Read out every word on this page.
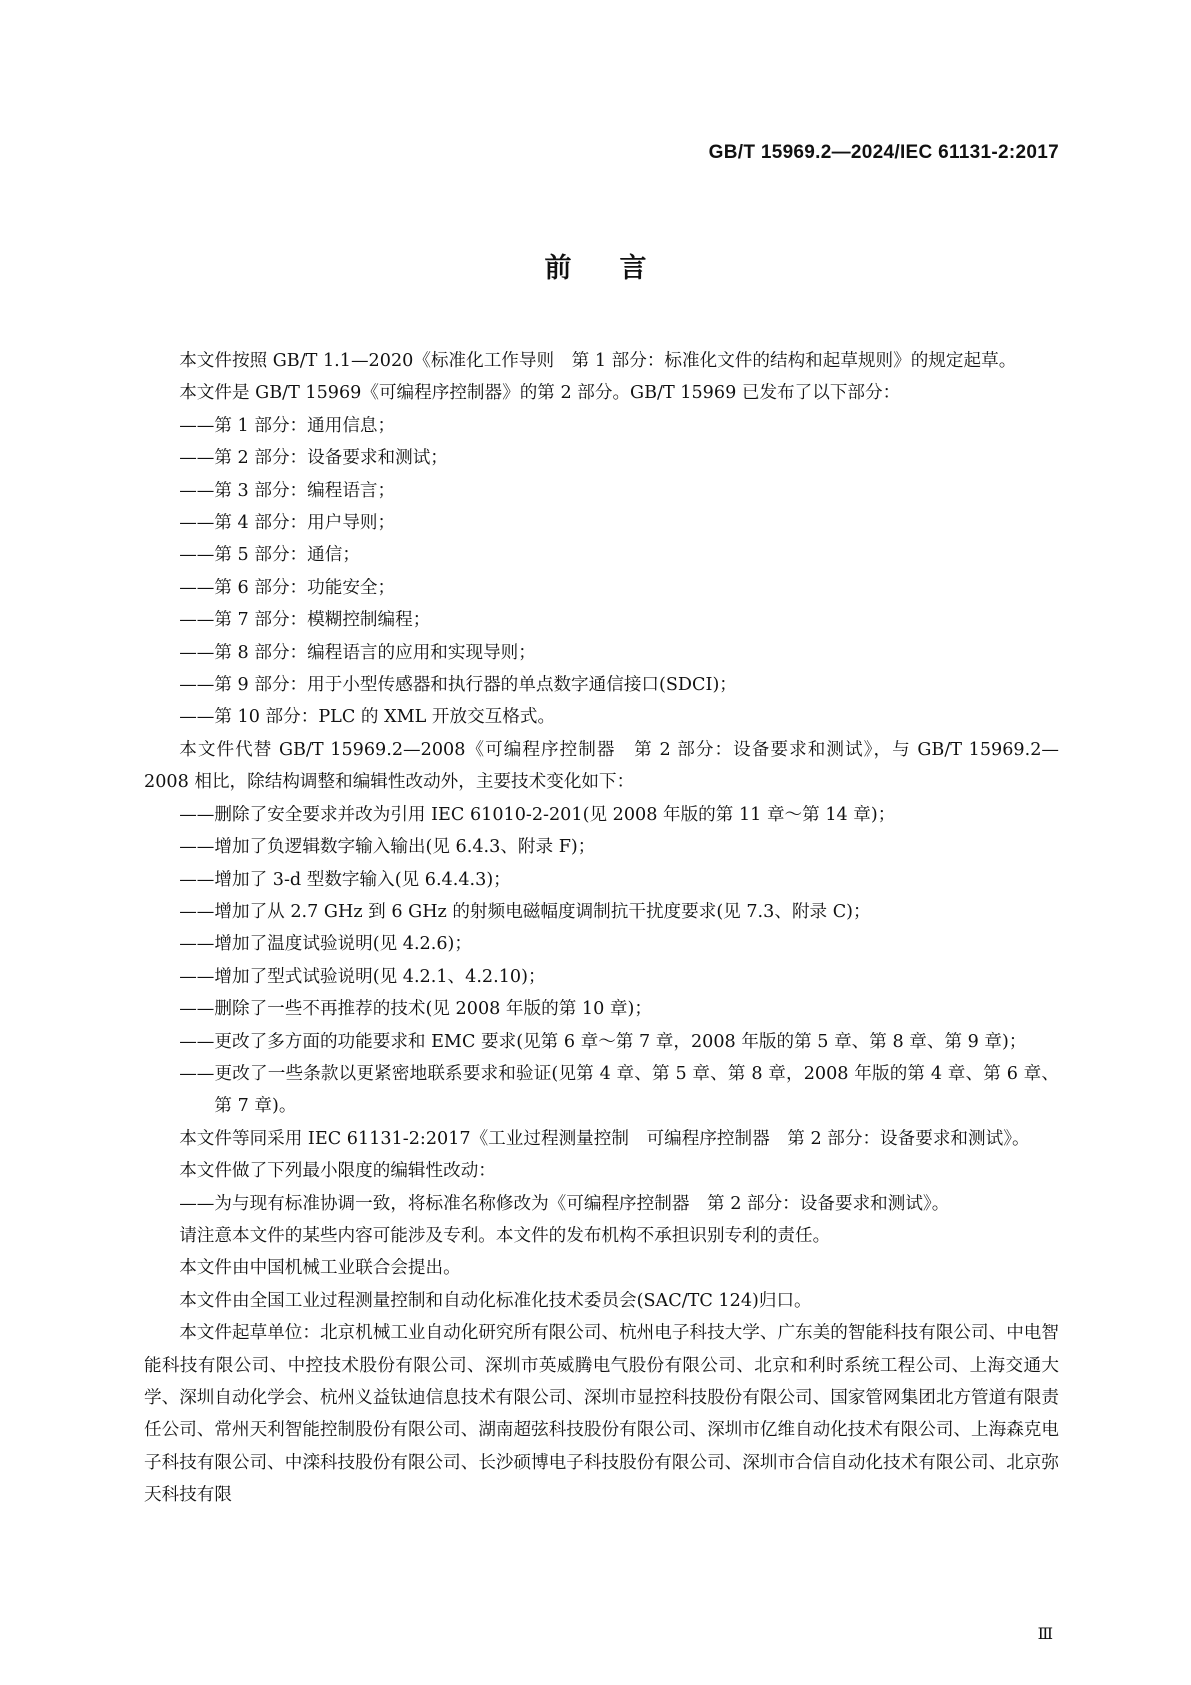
GB/T 15969.2—2024/IEC 61131-2:2017
前言

本文件按照 GB/T 1.1—2020《标准化工作导则　第 1 部分：标准化文件的结构和起草规则》的规定起草。

本文件是 GB/T 15969《可编程序控制器》的第 2 部分。GB/T 15969 已发布了以下部分：

——第 1 部分：通用信息；

——第 2 部分：设备要求和测试；

——第 3 部分：编程语言；

——第 4 部分：用户导则；

——第 5 部分：通信；

——第 6 部分：功能安全；

——第 7 部分：模糊控制编程；

——第 8 部分：编程语言的应用和实现导则；

——第 9 部分：用于小型传感器和执行器的单点数字通信接口(SDCI)；

——第 10 部分：PLC 的 XML 开放交互格式。

本文件代替 GB/T 15969.2—2008《可编程序控制器　第 2 部分：设备要求和测试》，与 GB/T 15969.2—2008 相比，除结构调整和编辑性改动外，主要技术变化如下：

——删除了安全要求并改为引用 IEC 61010-2-201(见 2008 年版的第 11 章～第 14 章)；

——增加了负逻辑数字输入输出(见 6.4.3、附录 F)；

——增加了 3-d 型数字输入(见 6.4.4.3)；

——增加了从 2.7 GHz 到 6 GHz 的射频电磁幅度调制抗干扰度要求(见 7.3、附录 C)；

——增加了温度试验说明(见 4.2.6)；

——增加了型式试验说明(见 4.2.1、4.2.10)；

——删除了一些不再推荐的技术(见 2008 年版的第 10 章)；

——更改了多方面的功能要求和 EMC 要求(见第 6 章～第 7 章，2008 年版的第 5 章、第 8 章、第 9 章)；

——更改了一些条款以更紧密地联系要求和验证(见第 4 章、第 5 章、第 8 章，2008 年版的第 4 章、第 6 章、第 7 章)。

本文件等同采用 IEC 61131-2:2017《工业过程测量控制　可编程序控制器　第 2 部分：设备要求和测试》。

本文件做了下列最小限度的编辑性改动：

——为与现有标准协调一致，将标准名称修改为《可编程序控制器　第 2 部分：设备要求和测试》。

请注意本文件的某些内容可能涉及专利。本文件的发布机构不承担识别专利的责任。

本文件由中国机械工业联合会提出。

本文件由全国工业过程测量控制和自动化标准化技术委员会(SAC/TC 124)归口。

本文件起草单位：北京机械工业自动化研究所有限公司、杭州电子科技大学、广东美的智能科技有限公司、中电智能科技有限公司、中控技术股份有限公司、深圳市英威腾电气股份有限公司、北京和利时系统工程公司、上海交通大学、深圳自动化学会、杭州义益钛迪信息技术有限公司、深圳市显控科技股份有限公司、国家管网集团北方管道有限责任公司、常州天利智能控制股份有限公司、湖南超弦科技股份有限公司、深圳市亿维自动化技术有限公司、上海森克电子科技有限公司、中滦科技股份有限公司、长沙硕博电子科技股份有限公司、深圳市合信自动化技术有限公司、北京弥天科技有限

Ⅲ
